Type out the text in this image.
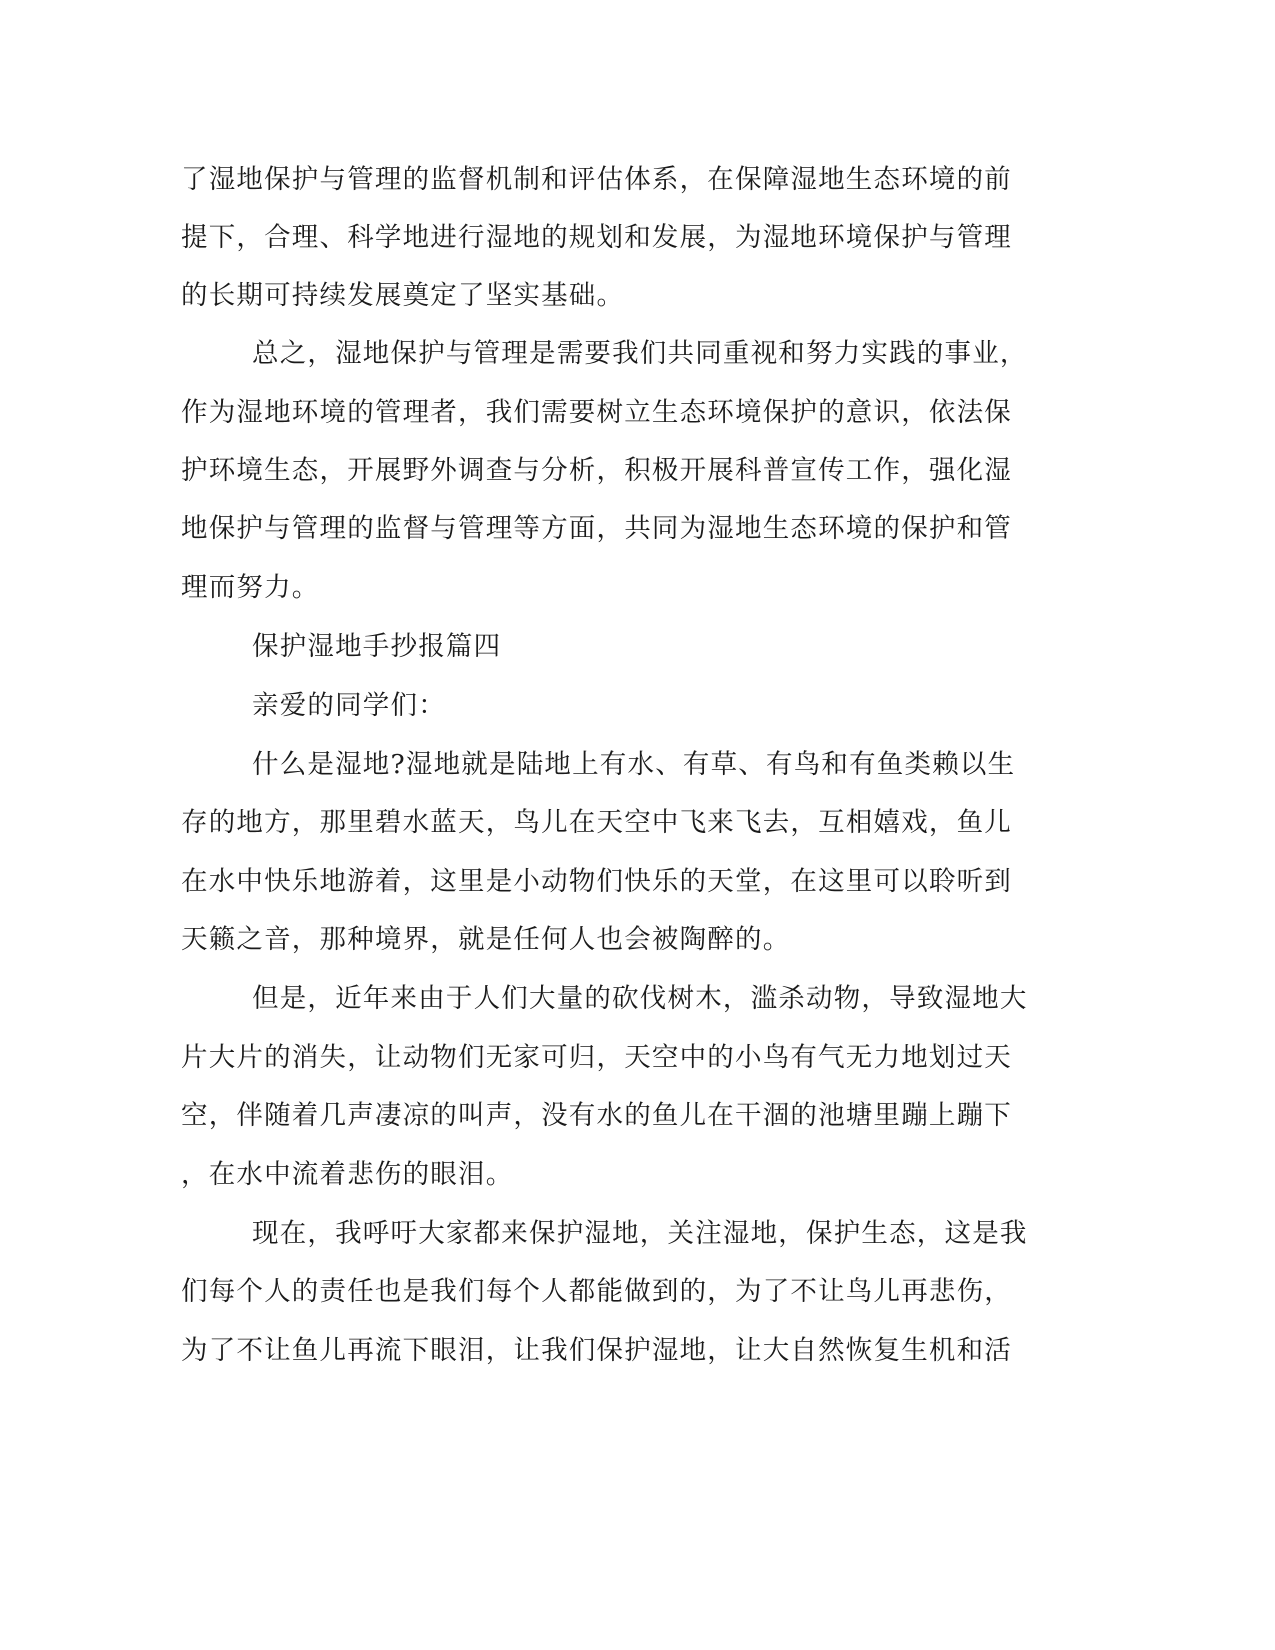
了湿地保护与管理的监督机制和评估体系，在保障湿地生态环境的前
提下，合理、科学地进行湿地的规划和发展，为湿地环境保护与管理
的长期可持续发展奠定了坚实基础。
总之，湿地保护与管理是需要我们共同重视和努力实践的事业，
作为湿地环境的管理者，我们需要树立生态环境保护的意识，依法保
护环境生态，开展野外调查与分析，积极开展科普宣传工作，强化湿
地保护与管理的监督与管理等方面，共同为湿地生态环境的保护和管
理而努力。
保护湿地手抄报篇四
亲爱的同学们：
什么是湿地?湿地就是陆地上有水、有草、有鸟和有鱼类赖以生
存的地方，那里碧水蓝天，鸟儿在天空中飞来飞去，互相嬉戏，鱼儿
在水中快乐地游着，这里是小动物们快乐的天堂，在这里可以聆听到
天籁之音，那种境界，就是任何人也会被陶醉的。
但是，近年来由于人们大量的砍伐树木，滥杀动物，导致湿地大
片大片的消失，让动物们无家可归，天空中的小鸟有气无力地划过天
空，伴随着几声凄凉的叫声，没有水的鱼儿在干涸的池塘里蹦上蹦下
，在水中流着悲伤的眼泪。
现在，我呼吁大家都来保护湿地，关注湿地，保护生态，这是我
们每个人的责任也是我们每个人都能做到的，为了不让鸟儿再悲伤，
为了不让鱼儿再流下眼泪，让我们保护湿地，让大自然恢复生机和活
